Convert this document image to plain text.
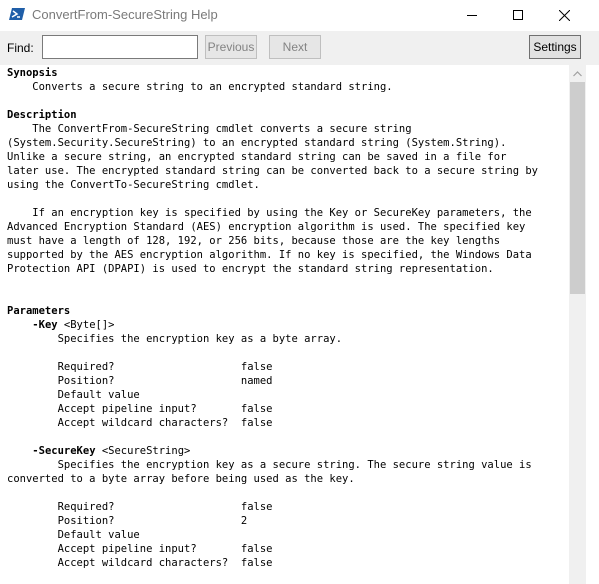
ConvertFrom-SecureString Help
Find:	Previous	Next	Settings
Synopsis
Converts a secure string to an encrypted standard string.

Description
The ConvertFrom-SecureString cmdlet converts a secure string
(System.Security.SecureString) to an encrypted standard string (System.String).
Unlike a secure string, an encrypted standard string can be saved in a file for
later use. The encrypted standard string can be converted back to a secure string by
using the ConvertTo-SecureString cmdlet.

If an encryption key is specified by using the Key or SecureKey parameters, the
Advanced Encryption Standard (AES) encryption algorithm is used. The specified key
must have a length of 128, 192, or 256 bits, because those are the key lengths
supported by the AES encryption algorithm. If no key is specified, the Windows Data
Protection API (DPAPI) is used to encrypt the standard string representation.

Parameters
-Key <Byte[]>
Specifies the encryption key as a byte array.

Required?                    false
Position?                    named
Default value
Accept pipeline input?       false
Accept wildcard characters?  false

-SecureKey <SecureString>
Specifies the encryption key as a secure string. The secure string value is
converted to a byte array before being used as the key.

Required?                    false
Position?                    2
Default value
Accept pipeline input?       false
Accept wildcard characters?  false
